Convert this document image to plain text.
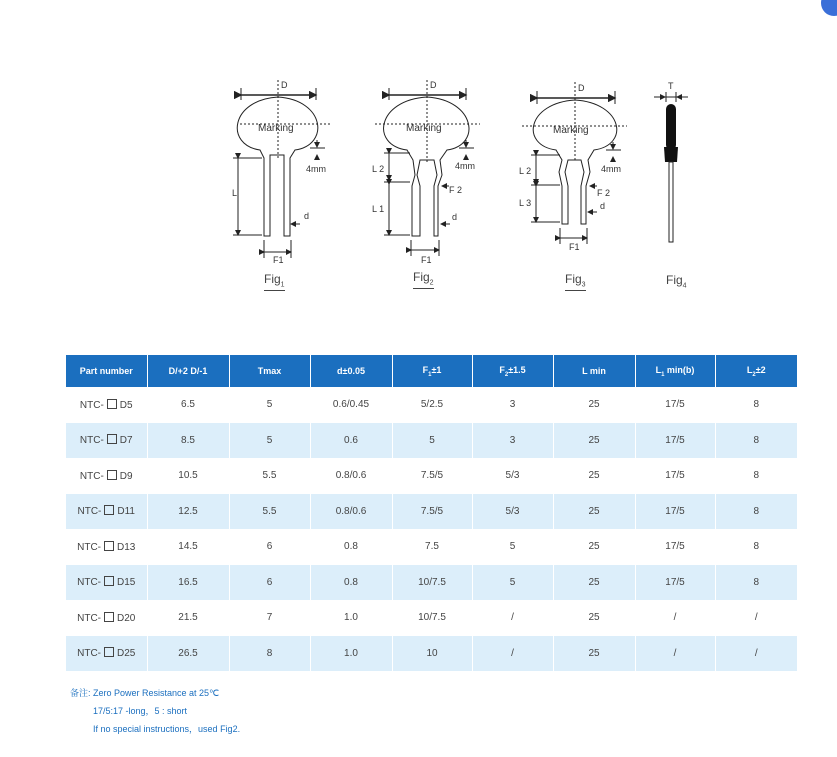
D
Marking
L
4mm
d
F1
D
Marking
L 2
L 1
4mm
F 2
d
F1
D
Marking
L 2
L 3
4mm
F 2
d
F1
T
Fig$_1$
Fig$_2$	Fig$_3$	Fig$_4$
Part number	D/+2 D/-1	Tmax	d±0.05	$F_1\pm 1$	$F_2\pm 1.5$	L min	$L_1$ min(b)	$L_2\pm 2$
NTC- D5	6.5	5	0.6/0.45	5/2.5	3	25	17/5	8
NTC- D7	8.5	5	0.6	5	3	25	17/5	8
NTC- D9	10.5	5.5	0.8/0.6	7.5/5	5/3	25	17/5	8
NTC- D11	12.5	5.5	0.8/0.6	7.5/5	5/3	25	17/5	8
NTC- D13	14.5	6	0.8	7.5	5	25	17/5	8
NTC- D15	16.5	6	0.8	10/7.5	5	25	17/5	8
NTC- D20	21.5	7	1.0	10/7.5	/	25	/	/
NTC- D25	26.5	8	1.0	10	/	25	/	/
备注: Zero Power Resistance at 25℃
17/5:17 -long，5 : short
If no special instructions，used Fig2.
